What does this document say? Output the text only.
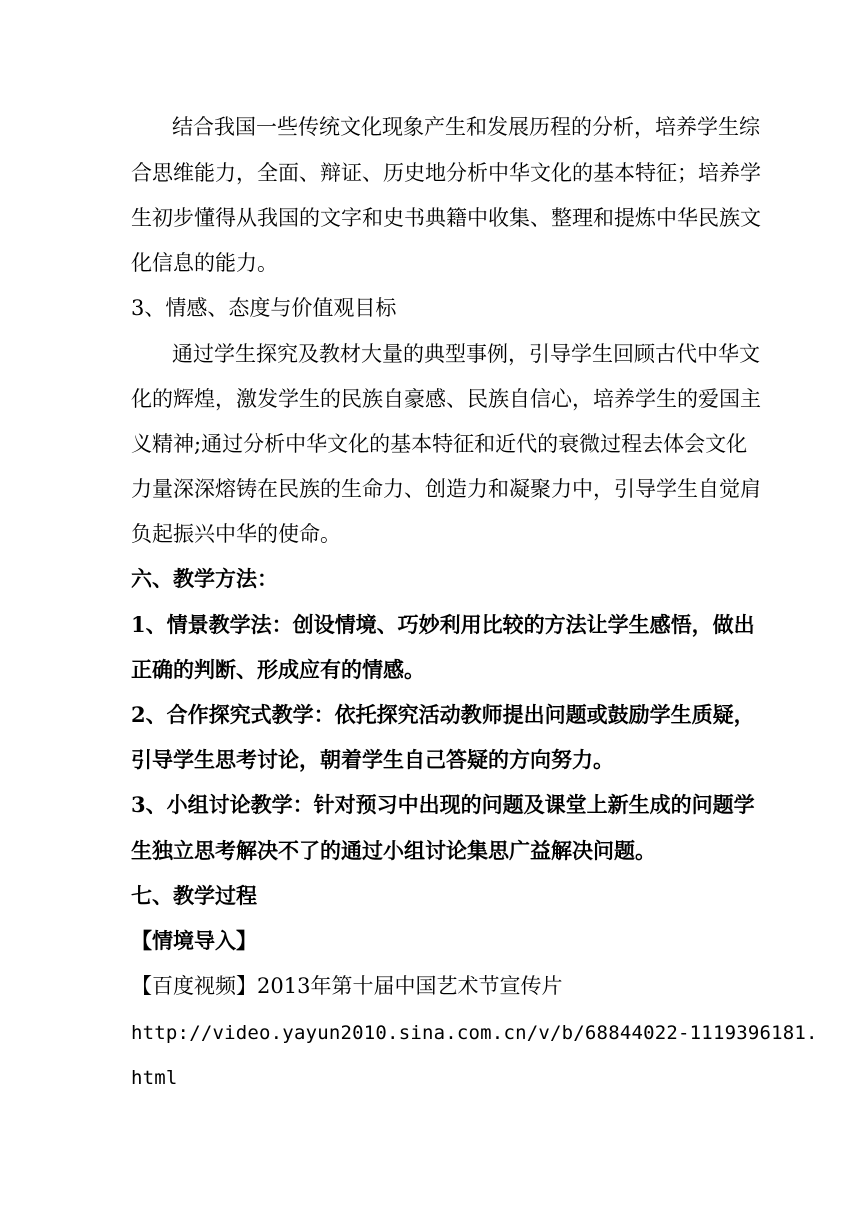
结合我国一些传统文化现象产生和发展历程的分析，培养学生综
合思维能力，全面、辩证、历史地分析中华文化的基本特征；培养学
生初步懂得从我国的文字和史书典籍中收集、整理和提炼中华民族文
化信息的能力。
3、情感、态度与价值观目标
通过学生探究及教材大量的典型事例，引导学生回顾古代中华文
化的辉煌，激发学生的民族自豪感、民族自信心，培养学生的爱国主
义精神;通过分析中华文化的基本特征和近代的衰微过程去体会文化
力量深深熔铸在民族的生命力、创造力和凝聚力中，引导学生自觉肩
负起振兴中华的使命。
六、教学方法：
1、情景教学法：创设情境、巧妙利用比较的方法让学生感悟，做出
正确的判断、形成应有的情感。
2、合作探究式教学：依托探究活动教师提出问题或鼓励学生质疑，
引导学生思考讨论，朝着学生自己答疑的方向努力。
3、小组讨论教学：针对预习中出现的问题及课堂上新生成的问题学
生独立思考解决不了的通过小组讨论集思广益解决问题。
七、教学过程
【情境导入】
【百度视频】2013年第十届中国艺术节宣传片
http://video.yayun2010.sina.com.cn/v/b/68844022-1119396181.
html
